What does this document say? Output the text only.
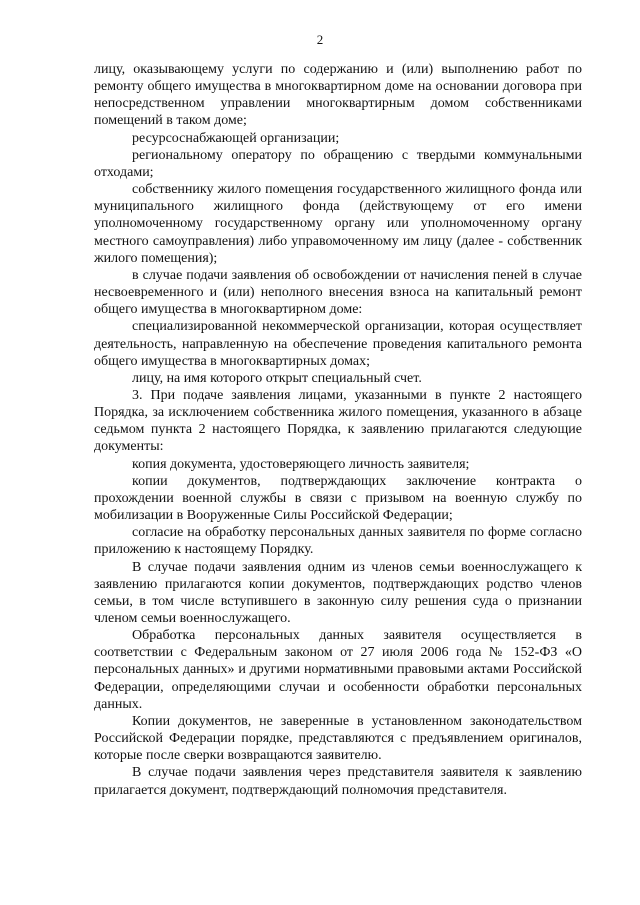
2

лицу, оказывающему услуги по содержанию и (или) выполнению работ по ремонту общего имущества в многоквартирном доме на основании договора при непосредственном управлении многоквартирным домом собственниками помещений в таком доме;

ресурсоснабжающей организации;

региональному оператору по обращению с твердыми коммунальными отходами;

собственнику жилого помещения государственного жилищного фонда или муниципального жилищного фонда (действующему от его имени уполномоченному государственному органу или уполномоченному органу местного самоуправления) либо управомоченному им лицу (далее - собственник жилого помещения);

в случае подачи заявления об освобождении от начисления пеней в случае несвоевременного и (или) неполного внесения взноса на капитальный ремонт общего имущества в многоквартирном доме:

специализированной некоммерческой организации, которая осуществляет деятельность, направленную на обеспечение проведения капитального ремонта общего имущества в многоквартирных домах;

лицу, на имя которого открыт специальный счет.

3. При подаче заявления лицами, указанными в пункте 2 настоящего Порядка, за исключением собственника жилого помещения, указанного в абзаце седьмом пункта 2 настоящего Порядка, к заявлению прилагаются следующие документы:

копия документа, удостоверяющего личность заявителя;

копии документов, подтверждающих заключение контракта о прохождении военной службы в связи с призывом на военную службу по мобилизации в Вооруженные Силы Российской Федерации;

согласие на обработку персональных данных заявителя по форме согласно приложению к настоящему Порядку.

В случае подачи заявления одним из членов семьи военнослужащего к заявлению прилагаются копии документов, подтверждающих родство членов семьи, в том числе вступившего в законную силу решения суда о признании членом семьи военнослужащего.

Обработка персональных данных заявителя осуществляется в соответствии с Федеральным законом от 27 июля 2006 года № 152-ФЗ «О персональных данных» и другими нормативными правовыми актами Российской Федерации, определяющими случаи и особенности обработки персональных данных.

Копии документов, не заверенные в установленном законодательством Российской Федерации порядке, представляются с предъявлением оригиналов, которые после сверки возвращаются заявителю.

В случае подачи заявления через представителя заявителя к заявлению прилагается документ, подтверждающий полномочия представителя.
